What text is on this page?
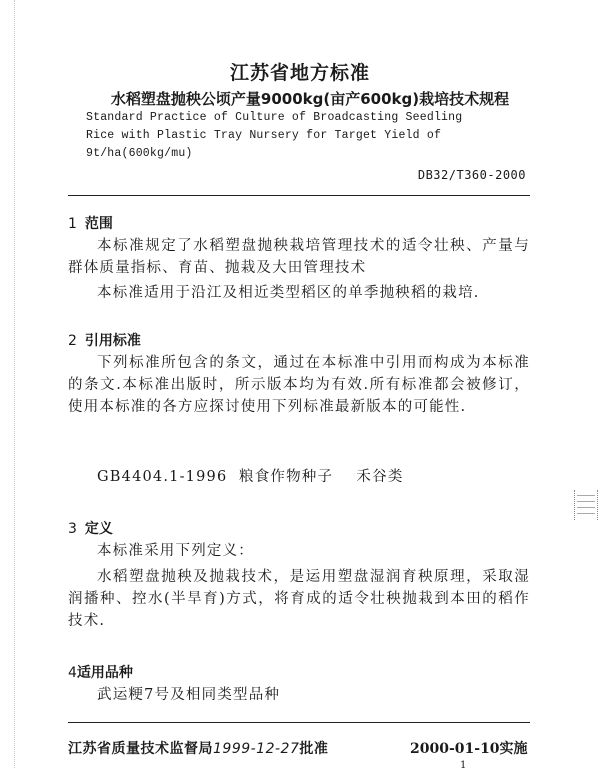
江苏省地方标准
水稻塑盘抛秧公顷产量9000kg(亩产600kg)栽培技术规程
Standard Practice of Culture of Broadcasting Seedling
Rice with Plastic Tray Nursery for Target Yield of
9t/ha(600kg/mu)
DB32/T360-2000
1 范围
本标准规定了水稻塑盘抛秧栽培管理技术的适令壮秧、产量与群体质量指标、育苗、抛栽及大田管理技术
本标准适用于沿江及相近类型稻区的单季抛秧稻的栽培.
2 引用标准
下列标准所包含的条文，通过在本标准中引用而构成为本标准的条文.本标准出版时，所示版本均为有效.所有标准都会被修订，使用本标准的各方应探讨使用下列标准最新版本的可能性.
GB4404.1-1996  粮食作物种子    禾谷类
3 定义
本标准采用下列定义：
水稻塑盘抛秧及抛栽技术，是运用塑盘湿润育秧原理，采取湿润播种、控水(半旱育)方式，将育成的适令壮秧抛栽到本田的稻作技术.
4适用品种
武运粳7号及相同类型品种
江苏省质量技术监督局1999-12-27批准	2000-01-10实施
1
